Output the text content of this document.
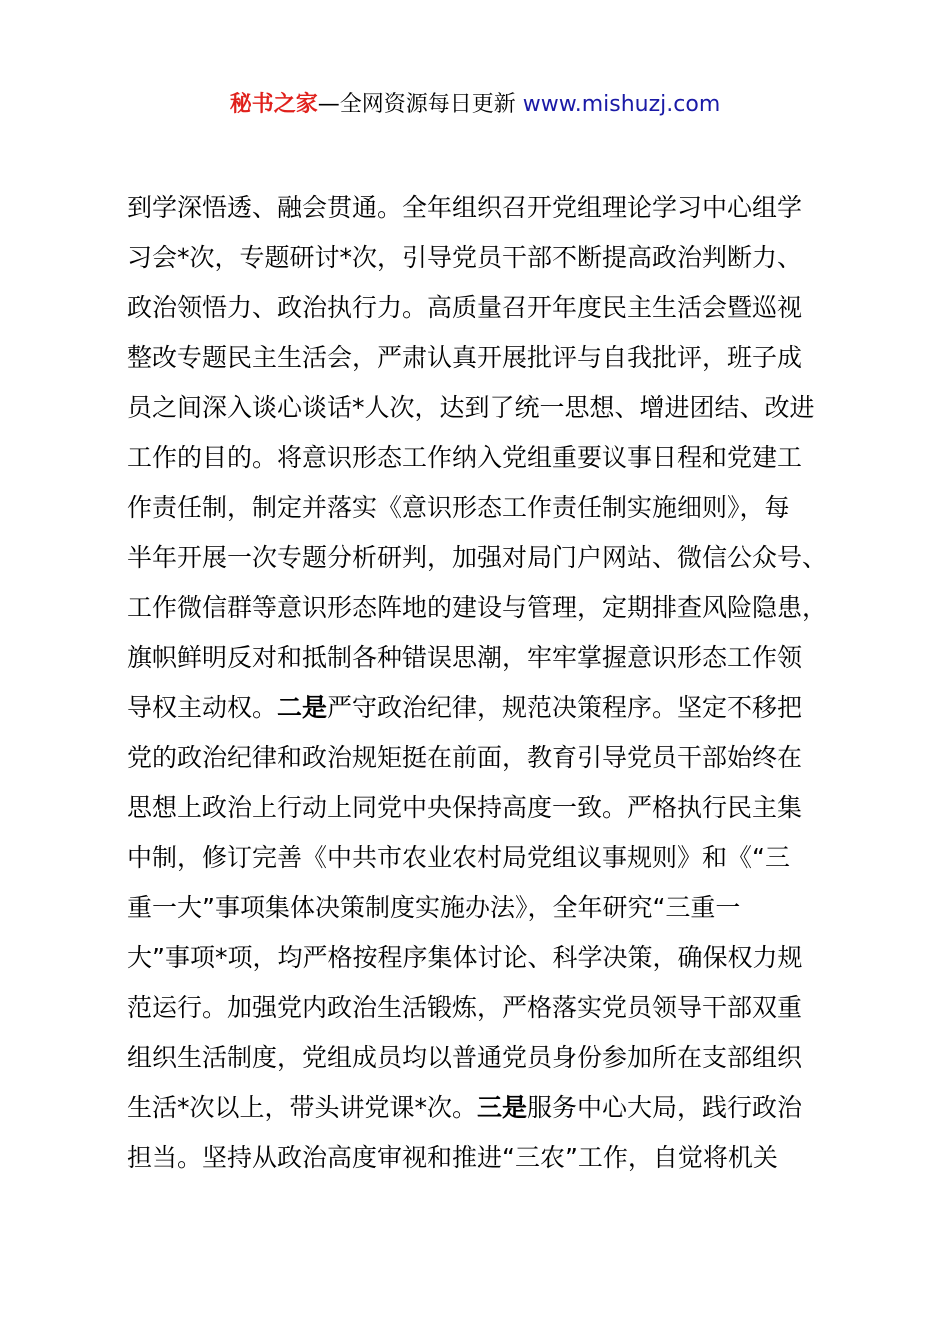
秘书之家—全网资源每日更新 www.mishuzj.com
到学深悟透、融会贯通。全年组织召开党组理论学习中心组学
习会*次，专题研讨*次，引导党员干部不断提高政治判断力、
政治领悟力、政治执行力。高质量召开年度民主生活会暨巡视
整改专题民主生活会，严肃认真开展批评与自我批评，班子成
员之间深入谈心谈话*人次，达到了统一思想、增进团结、改进
工作的目的。将意识形态工作纳入党组重要议事日程和党建工
作责任制，制定并落实《意识形态工作责任制实施细则》，每
半年开展一次专题分析研判，加强对局门户网站、微信公众号、
工作微信群等意识形态阵地的建设与管理，定期排查风险隐患，
旗帜鲜明反对和抵制各种错误思潮，牢牢掌握意识形态工作领
导权主动权。二是严守政治纪律，规范决策程序。坚定不移把
党的政治纪律和政治规矩挺在前面，教育引导党员干部始终在
思想上政治上行动上同党中央保持高度一致。严格执行民主集
中制，修订完善《中共市农业农村局党组议事规则》和《“三
重一大”事项集体决策制度实施办法》，全年研究“三重一
大”事项*项，均严格按程序集体讨论、科学决策，确保权力规
范运行。加强党内政治生活锻炼，严格落实党员领导干部双重
组织生活制度，党组成员均以普通党员身份参加所在支部组织
生活*次以上，带头讲党课*次。三是服务中心大局，践行政治
担当。坚持从政治高度审视和推进“三农”工作，自觉将机关
